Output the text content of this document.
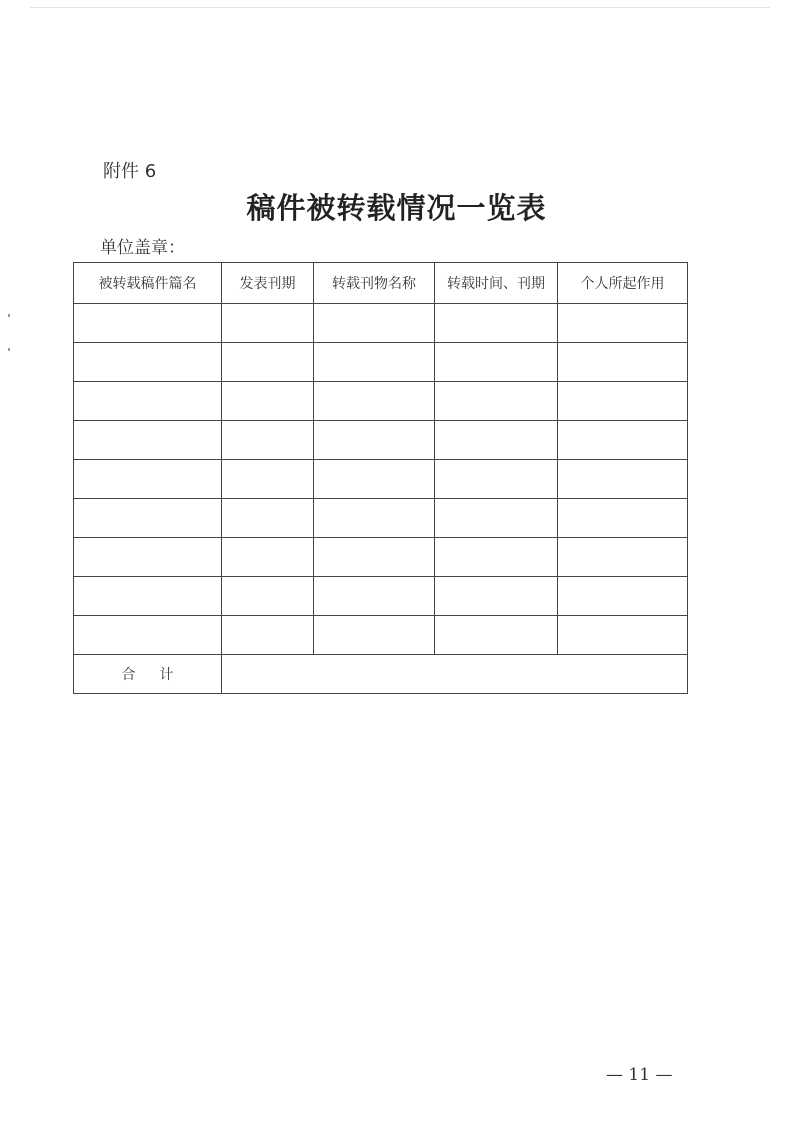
附件 6
稿件被转载情况一览表
单位盖章：
被转载稿件篇名	发表刊期	转载刊物名称	转载时间、刊期	个人所起作用

合计				
— 11 —
